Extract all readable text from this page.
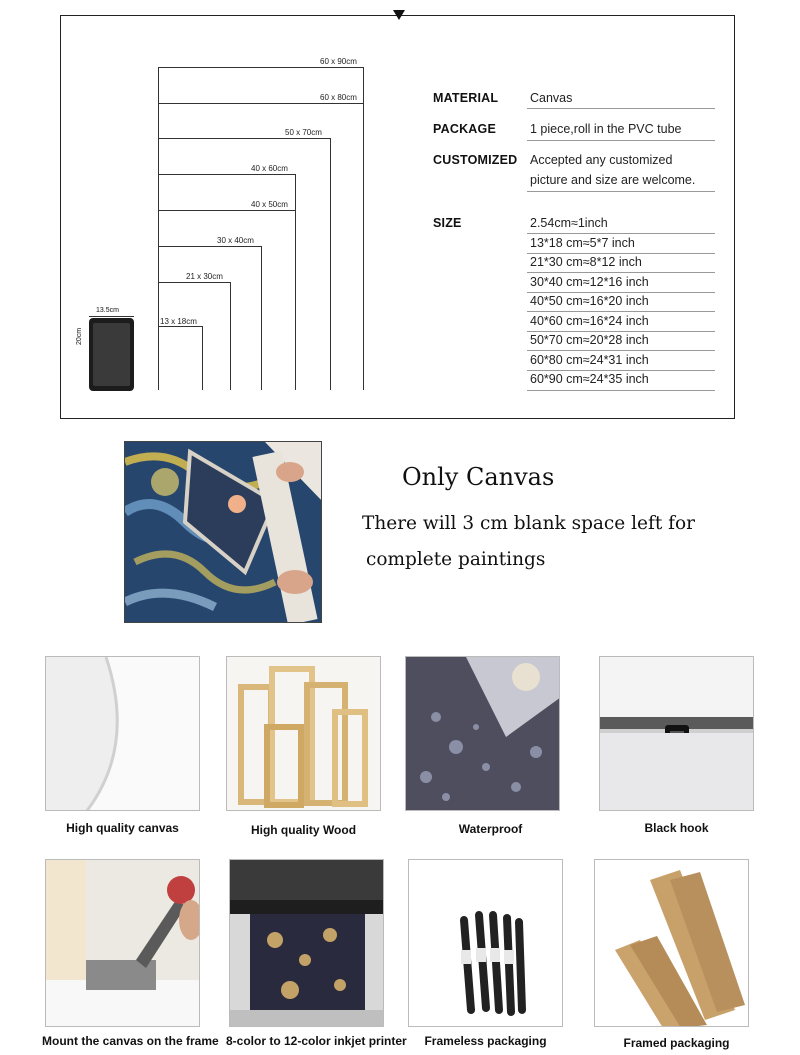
60 x 90cm
60 x 80cm
50 x 70cm
40 x 60cm
40 x 50cm
30 x 40cm
21 x 30cm
13 x 18cm
13.5cm
20cm
MATERIAL	Canvas
PACKAGE	1 piece,roll in the PVC tube
CUSTOMIZED Accepted any customized
picture and size are welcome.
SIZE	2.54cm≈1inch
13*18 cm≈5*7 inch
21*30 cm≈8*12 inch
30*40 cm≈12*16 inch
40*50 cm≈16*20 inch
40*60 cm≈16*24 inch
50*70 cm≈20*28 inch
60*80 cm≈24*31 inch
60*90 cm≈24*35 inch
Only Canvas
There will 3 cm blank space left for
complete paintings
High quality canvas	High quality Wood	Waterproof	Black hook
Mount the canvas on the frame 8-color to 12-color inkjet printer	Frameless packaging	Framed packaging
